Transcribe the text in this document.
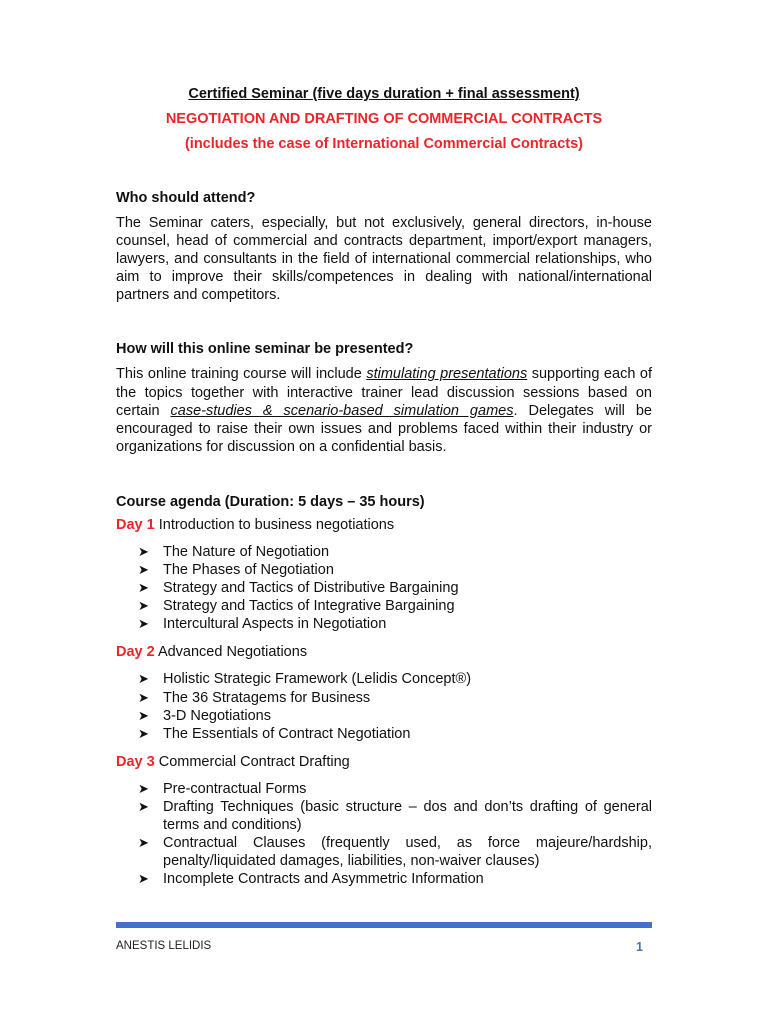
Certified Seminar (five days duration + final assessment)

NEGOTIATION AND DRAFTING OF COMMERCIAL CONTRACTS

(includes the case of International Commercial Contracts)

Who should attend?

The Seminar caters, especially, but not exclusively, general directors, in-house counsel, head of commercial and contracts department, import/export managers, lawyers, and consultants in the field of international commercial relationships, who aim to improve their skills/competences in dealing with national/international partners and competitors.

How will this online seminar be presented?

This online training course will include stimulating presentations supporting each of the topics together with interactive trainer lead discussion sessions based on certain case-studies & scenario-based simulation games. Delegates will be encouraged to raise their own issues and problems faced within their industry or organizations for discussion on a confidential basis.

Course agenda (Duration: 5 days – 35 hours)

Day 1 Introduction to business negotiations

➤ The Nature of Negotiation
➤ The Phases of Negotiation
➤ Strategy and Tactics of Distributive Bargaining
➤ Strategy and Tactics of Integrative Bargaining
➤ Intercultural Aspects in Negotiation

Day 2 Advanced Negotiations

➤ Holistic Strategic Framework (Lelidis Concept®)
➤ The 36 Stratagems for Business
➤ 3-D Negotiations
➤ The Essentials of Contract Negotiation

Day 3 Commercial Contract Drafting

➤ Pre-contractual Forms
➤ Drafting Techniques (basic structure – dos and don’ts drafting of general terms and conditions)
➤ Contractual Clauses (frequently used, as force majeure/hardship, penalty/liquidated damages, liabilities, non-waiver clauses)
➤ Incomplete Contracts and Asymmetric Information
ANESTIS LELIDIS	1
